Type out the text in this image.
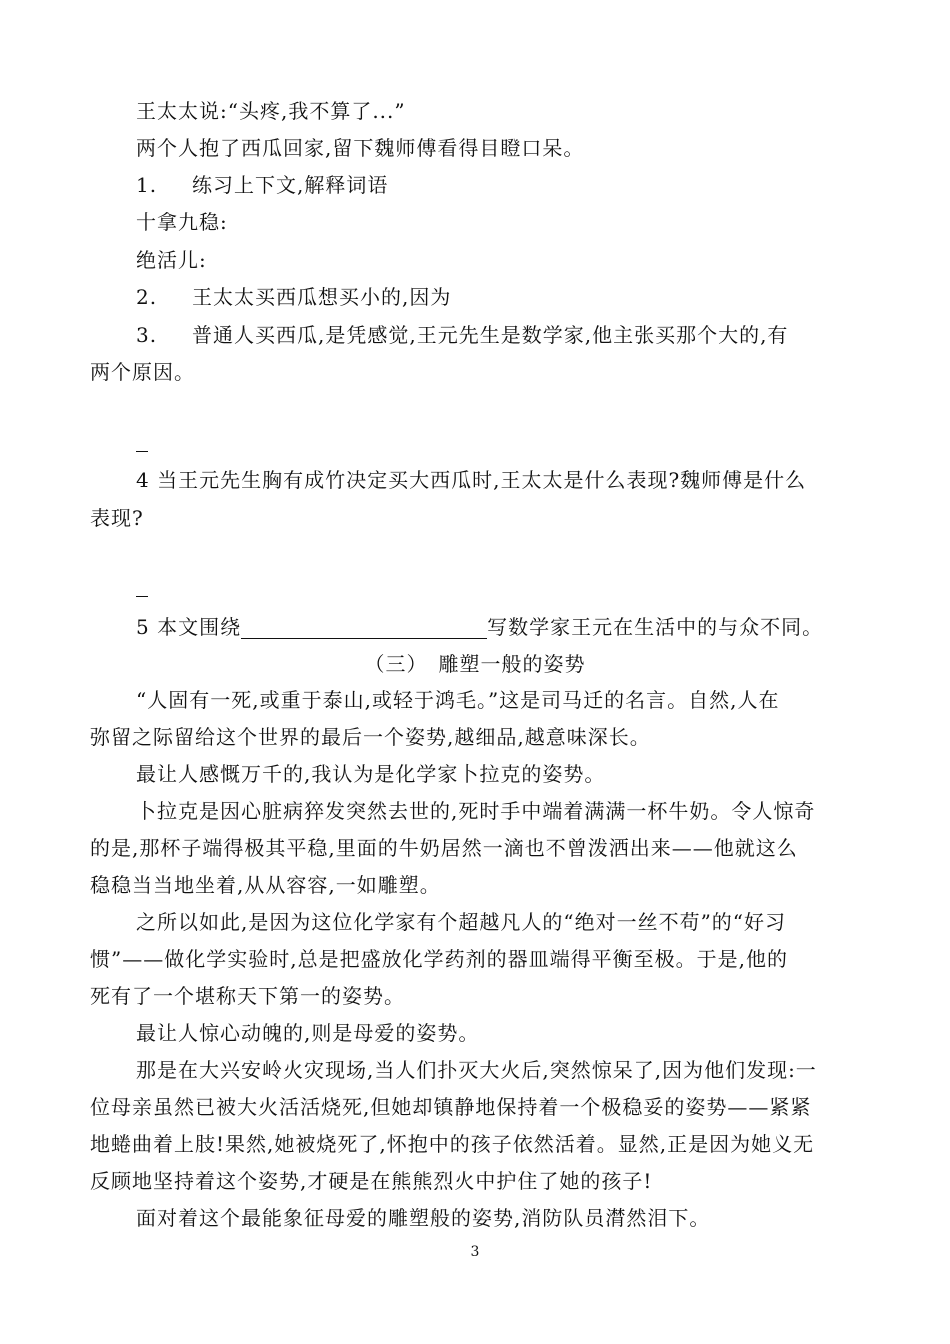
王太太说:“头疼,我不算了...”
两个人抱了西瓜回家,留下魏师傅看得目瞪口呆。
1. 练习上下文,解释词语
十拿九稳:
绝活儿:
2. 王太太买西瓜想买小的,因为
3. 普通人买西瓜,是凭感觉,王元先生是数学家,他主张买那个大的,有
两个原因。
4 当王元先生胸有成竹决定买大西瓜时,王太太是什么表现?魏师傅是什么
表现?
5 本文围绕	写数学家王元在生活中的与众不同。
（三）　雕塑一般的姿势
“人固有一死,或重于泰山,或轻于鸿毛。”这是司马迁的名言。自然,人在
弥留之际留给这个世界的最后一个姿势,越细品,越意味深长。
最让人感慨万千的,我认为是化学家卜拉克的姿势。
卜拉克是因心脏病猝发突然去世的,死时手中端着满满一杯牛奶。令人惊奇
的是,那杯子端得极其平稳,里面的牛奶居然一滴也不曾泼洒出来——他就这么
稳稳当当地坐着,从从容容,一如雕塑。
之所以如此,是因为这位化学家有个超越凡人的“绝对一丝不苟”的“好习
惯”——做化学实验时,总是把盛放化学药剂的器皿端得平衡至极。于是,他的
死有了一个堪称天下第一的姿势。
最让人惊心动魄的,则是母爱的姿势。
那是在大兴安岭火灾现场,当人们扑灭大火后,突然惊呆了,因为他们发现:一
位母亲虽然已被大火活活烧死,但她却镇静地保持着一个极稳妥的姿势——紧紧
地蜷曲着上肢!果然,她被烧死了,怀抱中的孩子依然活着。显然,正是因为她义无
反顾地坚持着这个姿势,才硬是在熊熊烈火中护住了她的孩子!
面对着这个最能象征母爱的雕塑般的姿势,消防队员潸然泪下。
3
